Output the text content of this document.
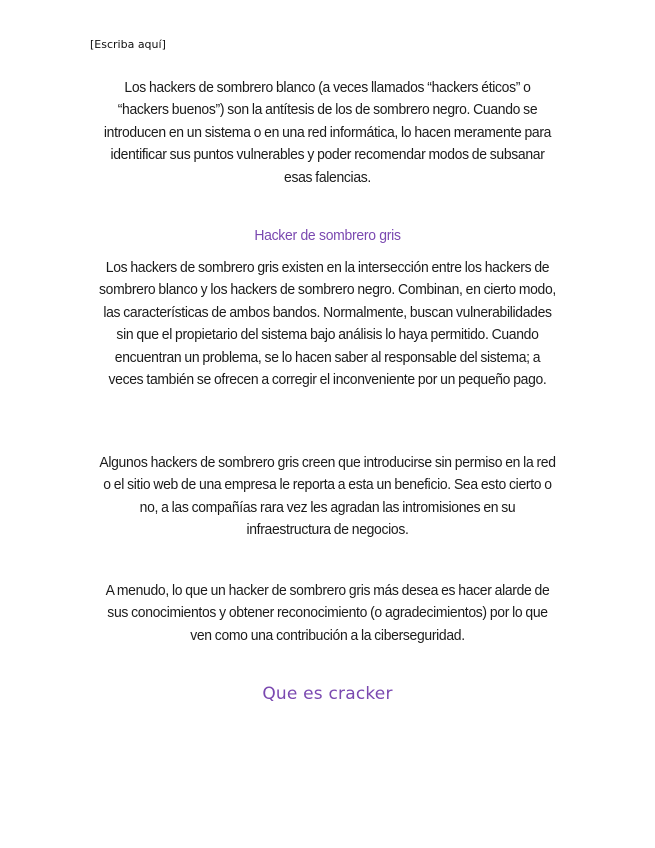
[Escriba aquí]
Los hackers de sombrero blanco (a veces llamados “hackers éticos” o “hackers buenos”) son la antítesis de los de sombrero negro. Cuando se introducen en un sistema o en una red informática, lo hacen meramente para identificar sus puntos vulnerables y poder recomendar modos de subsanar esas falencias.
Hacker de sombrero gris
Los hackers de sombrero gris existen en la intersección entre los hackers de sombrero blanco y los hackers de sombrero negro. Combinan, en cierto modo, las características de ambos bandos. Normalmente, buscan vulnerabilidades sin que el propietario del sistema bajo análisis lo haya permitido. Cuando encuentran un problema, se lo hacen saber al responsable del sistema; a veces también se ofrecen a corregir el inconveniente por un pequeño pago.
Algunos hackers de sombrero gris creen que introducirse sin permiso en la red o el sitio web de una empresa le reporta a esta un beneficio. Sea esto cierto o no, a las compañías rara vez les agradan las intromisiones en su infraestructura de negocios.
A menudo, lo que un hacker de sombrero gris más desea es hacer alarde de sus conocimientos y obtener reconocimiento (o agradecimientos) por lo que ven como una contribución a la ciberseguridad.
Que es cracker
